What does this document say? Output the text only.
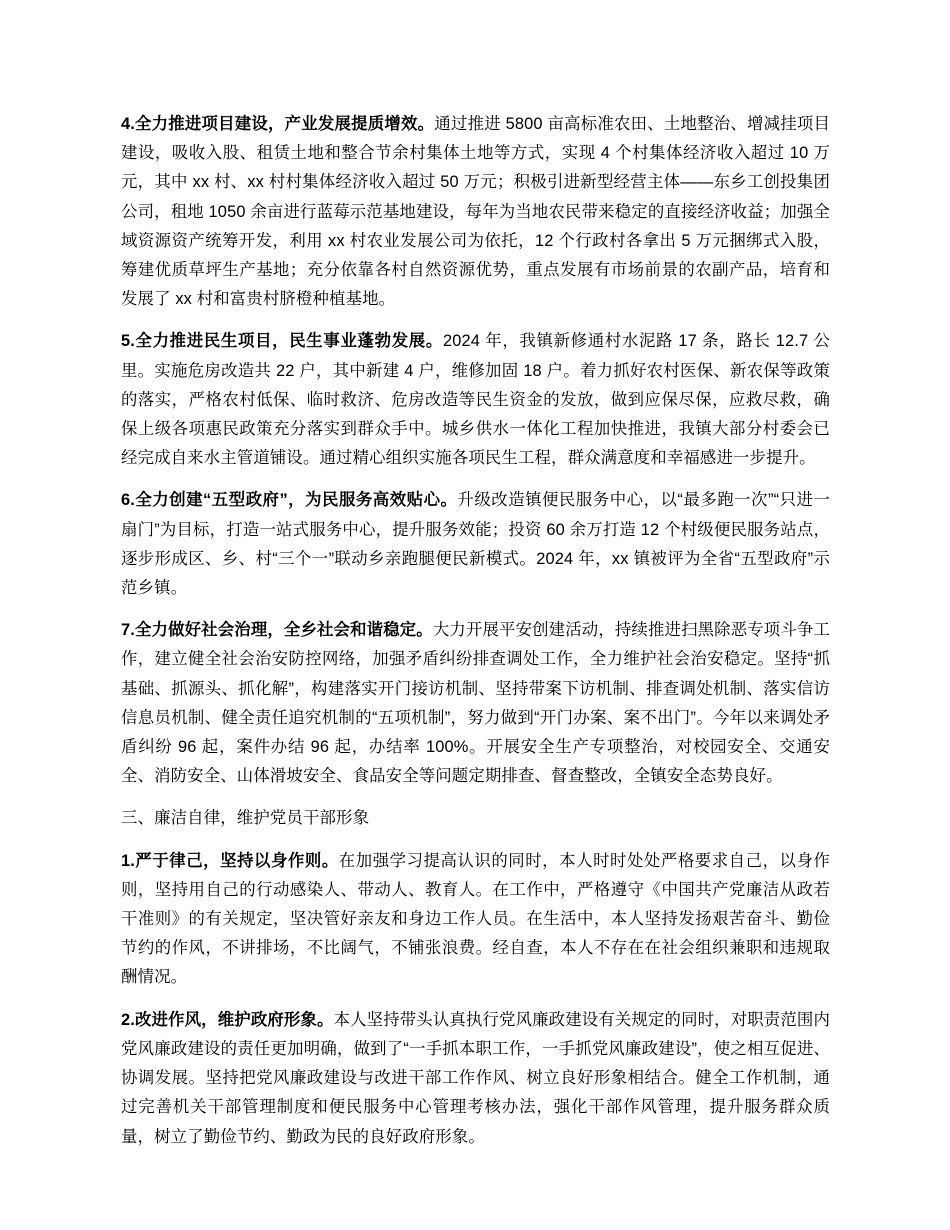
4.全力推进项目建设，产业发展提质增效。通过推进 5800 亩高标准农田、土地整治、增减挂项目建设，吸收入股、租赁土地和整合节余村集体土地等方式，实现 4 个村集体经济收入超过 10 万元，其中 xx 村、xx 村村集体经济收入超过 50 万元；积极引进新型经营主体——东乡工创投集团公司，租地 1050 余亩进行蓝莓示范基地建设，每年为当地农民带来稳定的直接经济收益；加强全域资源资产统筹开发，利用 xx 村农业发展公司为依托，12 个行政村各拿出 5 万元捆绑式入股，筹建优质草坪生产基地；充分依靠各村自然资源优势，重点发展有市场前景的农副产品，培育和发展了 xx 村和富贵村脐橙种植基地。

5.全力推进民生项目，民生事业蓬勃发展。2024 年，我镇新修通村水泥路 17 条，路长 12.7 公里。实施危房改造共 22 户，其中新建 4 户，维修加固 18 户。着力抓好农村医保、新农保等政策的落实，严格农村低保、临时救济、危房改造等民生资金的发放，做到应保尽保，应救尽救，确保上级各项惠民政策充分落实到群众手中。城乡供水一体化工程加快推进，我镇大部分村委会已经完成自来水主管道铺设。通过精心组织实施各项民生工程，群众满意度和幸福感进一步提升。

6.全力创建“五型政府”，为民服务高效贴心。升级改造镇便民服务中心，以“最多跑一次”“只进一扇门”为目标，打造一站式服务中心，提升服务效能；投资 60 余万打造 12 个村级便民服务站点，逐步形成区、乡、村“三个一”联动乡亲跑腿便民新模式。2024 年，xx 镇被评为全省“五型政府”示范乡镇。

7.全力做好社会治理，全乡社会和谐稳定。大力开展平安创建活动，持续推进扫黑除恶专项斗争工作，建立健全社会治安防控网络，加强矛盾纠纷排查调处工作，全力维护社会治安稳定。坚持“抓基础、抓源头、抓化解”，构建落实开门接访机制、坚持带案下访机制、排查调处机制、落实信访信息员机制、健全责任追究机制的“五项机制”，努力做到“开门办案、案不出门”。今年以来调处矛盾纠纷 96 起，案件办结 96 起，办结率 100%。开展安全生产专项整治，对校园安全、交通安全、消防安全、山体滑坡安全、食品安全等问题定期排查、督查整改，全镇安全态势良好。

三、廉洁自律，维护党员干部形象

1.严于律己，坚持以身作则。在加强学习提高认识的同时，本人时时处处严格要求自己，以身作则，坚持用自己的行动感染人、带动人、教育人。在工作中，严格遵守《中国共产党廉洁从政若干准则》的有关规定，坚决管好亲友和身边工作人员。在生活中，本人坚持发扬艰苦奋斗、勤俭节约的作风，不讲排场，不比阔气，不铺张浪费。经自查，本人不存在在社会组织兼职和违规取酬情况。

2.改进作风，维护政府形象。本人坚持带头认真执行党风廉政建设有关规定的同时，对职责范围内党风廉政建设的责任更加明确，做到了“一手抓本职工作，一手抓党风廉政建设”，使之相互促进、协调发展。坚持把党风廉政建设与改进干部工作作风、树立良好形象相结合。健全工作机制，通过完善机关干部管理制度和便民服务中心管理考核办法，强化干部作风管理，提升服务群众质量，树立了勤俭节约、勤政为民的良好政府形象。
